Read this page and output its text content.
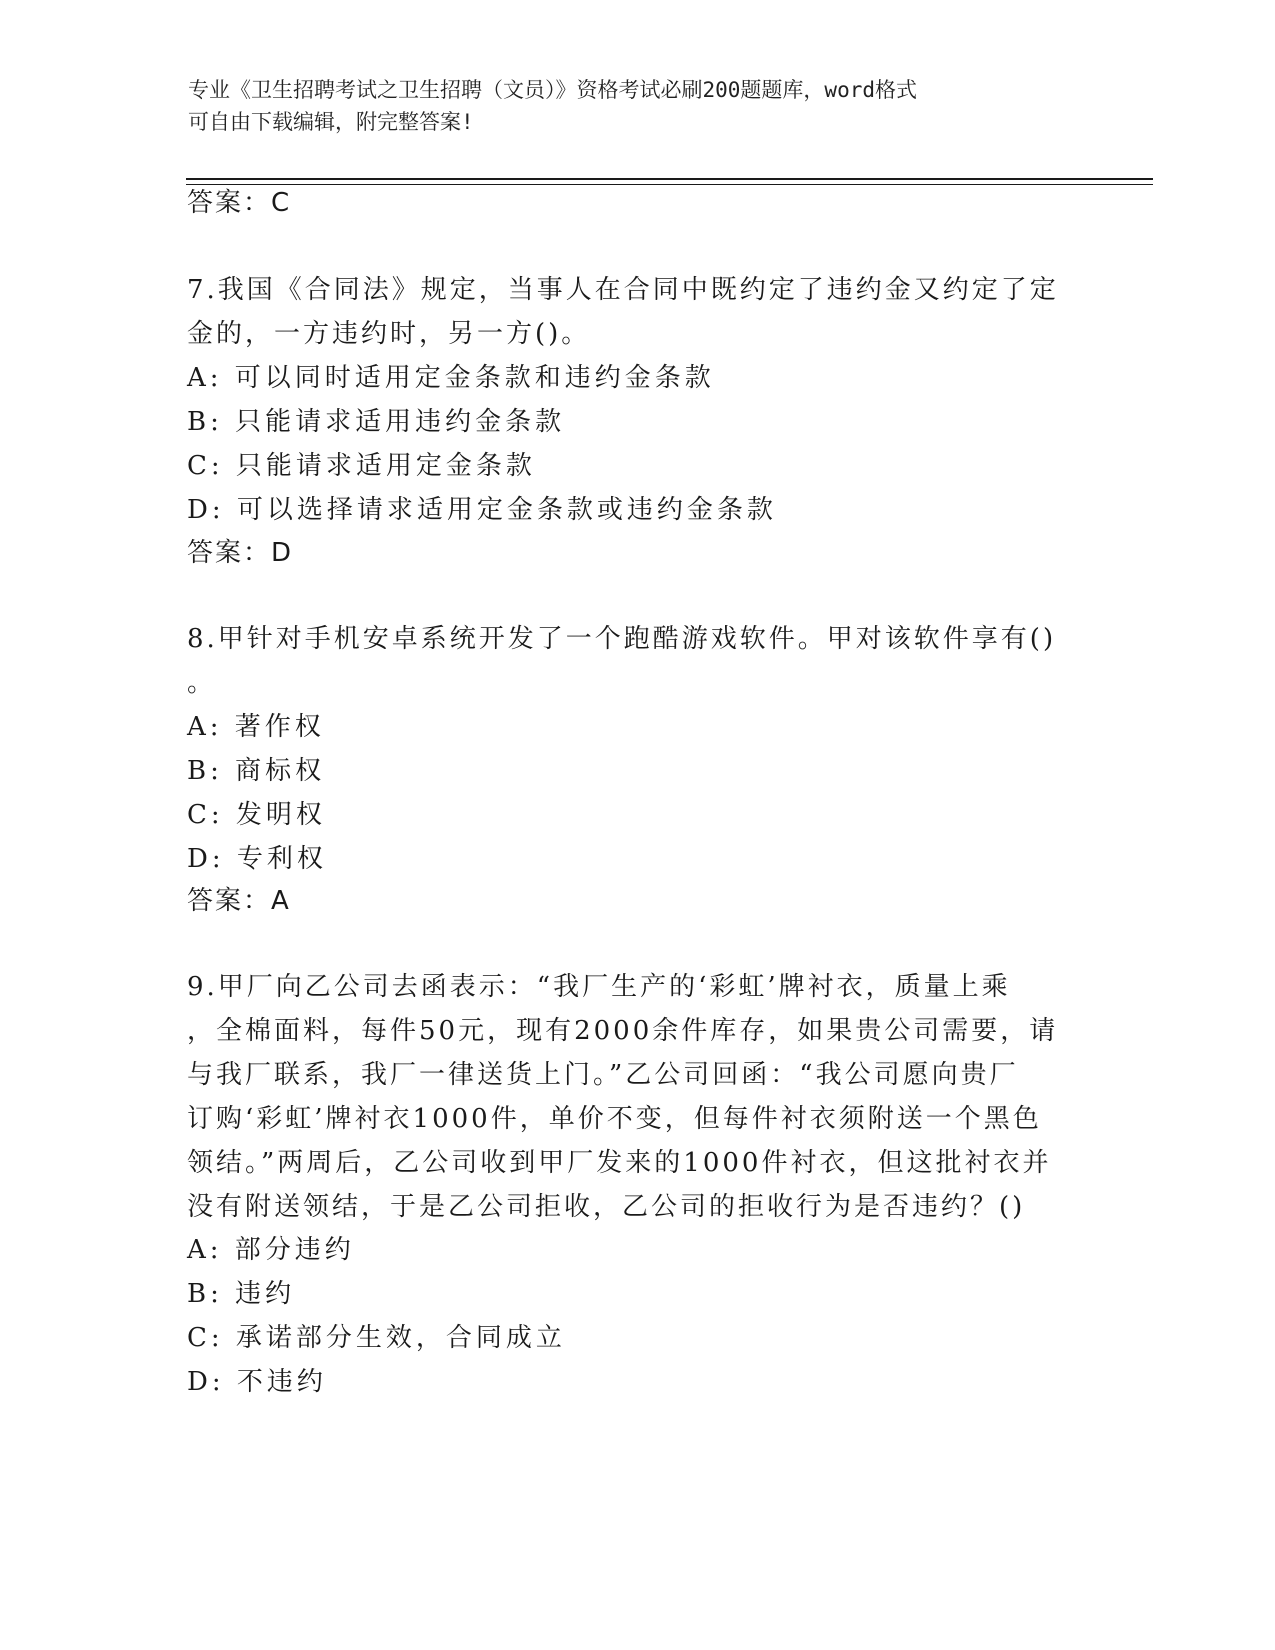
专业《卫生招聘考试之卫生招聘（文员）》资格考试必刷200题题库，word格式
可自由下载编辑，附完整答案!
答案：C
7.我国《合同法》规定，当事人在合同中既约定了违约金又约定了定
金的，一方违约时，另一方()。
A: 可以同时适用定金条款和违约金条款
B: 只能请求适用违约金条款
C: 只能请求适用定金条款
D: 可以选择请求适用定金条款或违约金条款
答案：D
8.甲针对手机安卓系统开发了一个跑酷游戏软件。甲对该软件享有()
。
A: 著作权
B: 商标权
C: 发明权
D: 专利权
答案：A
9.甲厂向乙公司去函表示：“我厂生产的‘彩虹’牌衬衣，质量上乘
，全棉面料，每件50元，现有2000余件库存，如果贵公司需要，请
与我厂联系，我厂一律送货上门。”乙公司回函：“我公司愿向贵厂
订购‘彩虹’牌衬衣1000件，单价不变，但每件衬衣须附送一个黑色
领结。”两周后，乙公司收到甲厂发来的1000件衬衣，但这批衬衣并
没有附送领结，于是乙公司拒收，乙公司的拒收行为是否违约？()
A: 部分违约
B: 违约
C: 承诺部分生效，合同成立
D: 不违约
